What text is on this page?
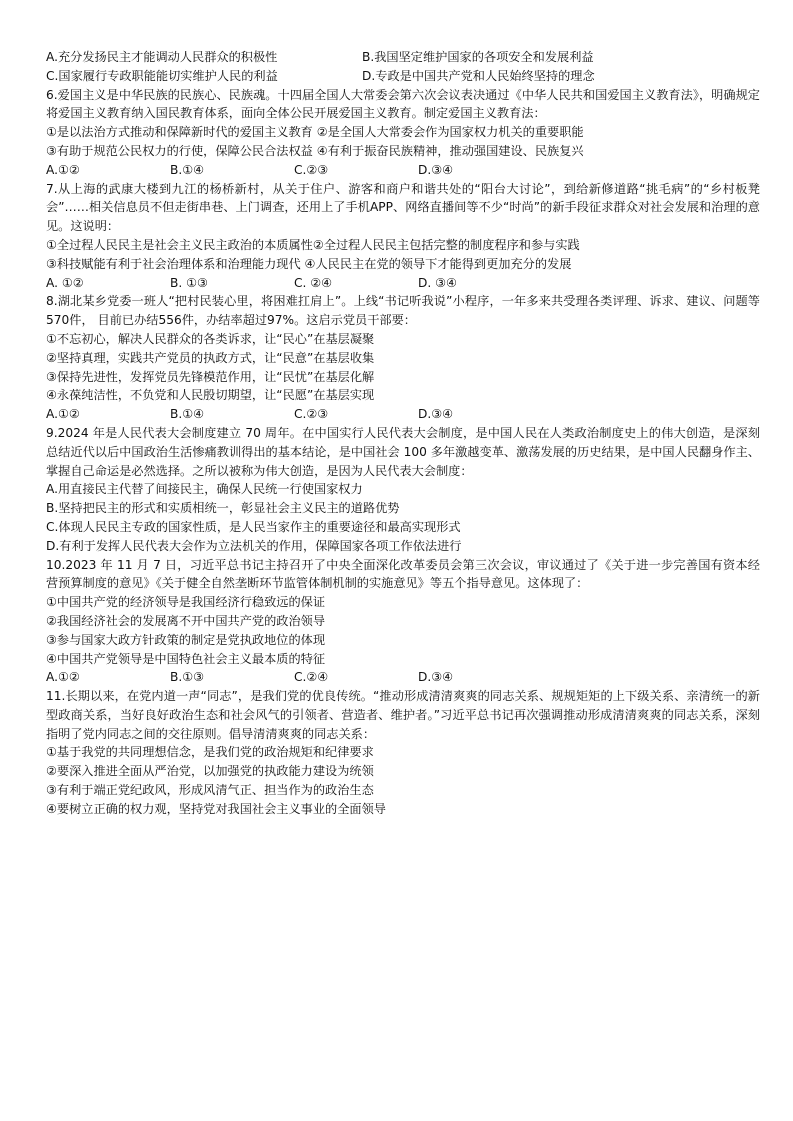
A.充分发扬民主才能调动人民群众的积极性	B.我国坚定维护国家的各项安全和发展利益
C.国家履行专政职能能切实维护人民的利益	D.专政是中国共产党和人民始终坚持的理念
6.爱国主义是中华民族的民族心、民族魂。十四届全国人大常委会第六次会议表决通过《中华人民共和国爱国主义教育法》，明确规定将爱国主义教育纳入国民教育体系，面向全体公民开展爱国主义教育。制定爱国主义教育法：
①是以法治方式推动和保障新时代的爱国主义教育 ②是全国人大常委会作为国家权力机关的重要职能
③有助于规范公民权力的行使，保障公民合法权益 ④有利于振奋民族精神，推动强国建设、民族复兴
A.①②	B.①④	C.②③	D.③④
7.从上海的武康大楼到九江的杨桥新村，从关于住户、游客和商户和谐共处的“阳台大讨论”，到给新修道路“挑毛病”的“乡村板凳会”……相关信息员不但走街串巷、上门调查，还用上了手机APP、网络直播间等不少“时尚”的新手段征求群众对社会发展和治理的意见。这说明：
①全过程人民民主是社会主义民主政治的本质属性②全过程人民民主包括完整的制度程序和参与实践
③科技赋能有利于社会治理体系和治理能力现代 ④人民民主在党的领导下才能得到更加充分的发展
A. ①②	B. ①③	C. ②④	D. ③④
8.湖北某乡党委一班人“把村民装心里，将困难扛肩上”。上线“书记听我说”小程序，一年多来共受理各类评理、诉求、建议、问题等570件， 目前已办结556件，办结率超过97%。这启示党员干部要：
①不忘初心，解决人民群众的各类诉求，让“民心”在基层凝聚
②坚持真理，实践共产党员的执政方式，让“民意”在基层收集
③保持先进性，发挥党员先锋模范作用，让“民忧”在基层化解
④永葆纯洁性，不负党和人民殷切期望，让“民愿”在基层实现
A.①②	B.①④	C.②③	D.③④
9.2024 年是人民代表大会制度建立 70 周年。在中国实行人民代表大会制度，是中国人民在人类政治制度史上的伟大创造，是深刻总结近代以后中国政治生活惨痛教训得出的基本结论，是中国社会 100 多年激越变革、激荡发展的历史结果，是中国人民翻身作主、掌握自己命运是必然选择。之所以被称为伟大创造，是因为人民代表大会制度：
A.用直接民主代替了间接民主，确保人民统一行使国家权力
B.坚持把民主的形式和实质相统一，彰显社会主义民主的道路优势
C.体现人民民主专政的国家性质，是人民当家作主的重要途径和最高实现形式
D.有利于发挥人民代表大会作为立法机关的作用，保障国家各项工作依法进行
10.2023 年 11 月 7 日，习近平总书记主持召开了中央全面深化改革委员会第三次会议，审议通过了《关于进一步完善国有资本经营预算制度的意见》《关于健全自然垄断环节监管体制机制的实施意见》等五个指导意见。这体现了：
①中国共产党的经济领导是我国经济行稳致远的保证
②我国经济社会的发展离不开中国共产党的政治领导
③参与国家大政方针政策的制定是党执政地位的体现
④中国共产党领导是中国特色社会主义最本质的特征
A.①②	B.①③	C.②④	D.③④
11.长期以来，在党内道一声“同志”，是我们党的优良传统。“推动形成清清爽爽的同志关系、规规矩矩的上下级关系、亲清统一的新型政商关系，当好良好政治生态和社会风气的引领者、营造者、维护者。”习近平总书记再次强调推动形成清清爽爽的同志关系，深刻指明了党内同志之间的交往原则。倡导清清爽爽的同志关系：
①基于我党的共同理想信念，是我们党的政治规矩和纪律要求
②要深入推进全面从严治党，以加强党的执政能力建设为统领
③有利于端正党纪政风，形成风清气正、担当作为的政治生态
④要树立正确的权力观，坚持党对我国社会主义事业的全面领导
